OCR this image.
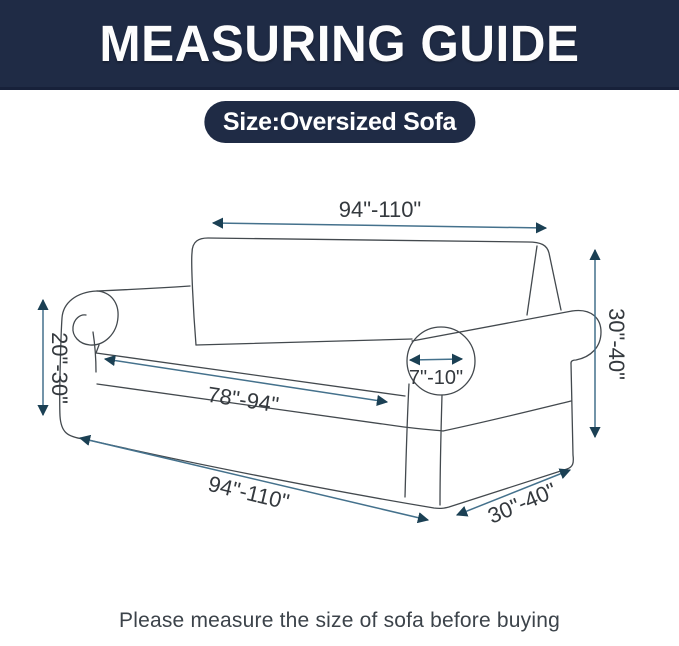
MEASURING GUIDE
Size:Oversized Sofa
94"-110"
20"-30"	78"-94"
7"-10"	30"-40"
94"-110"	30"-40"

Please measure the size of sofa before buying
